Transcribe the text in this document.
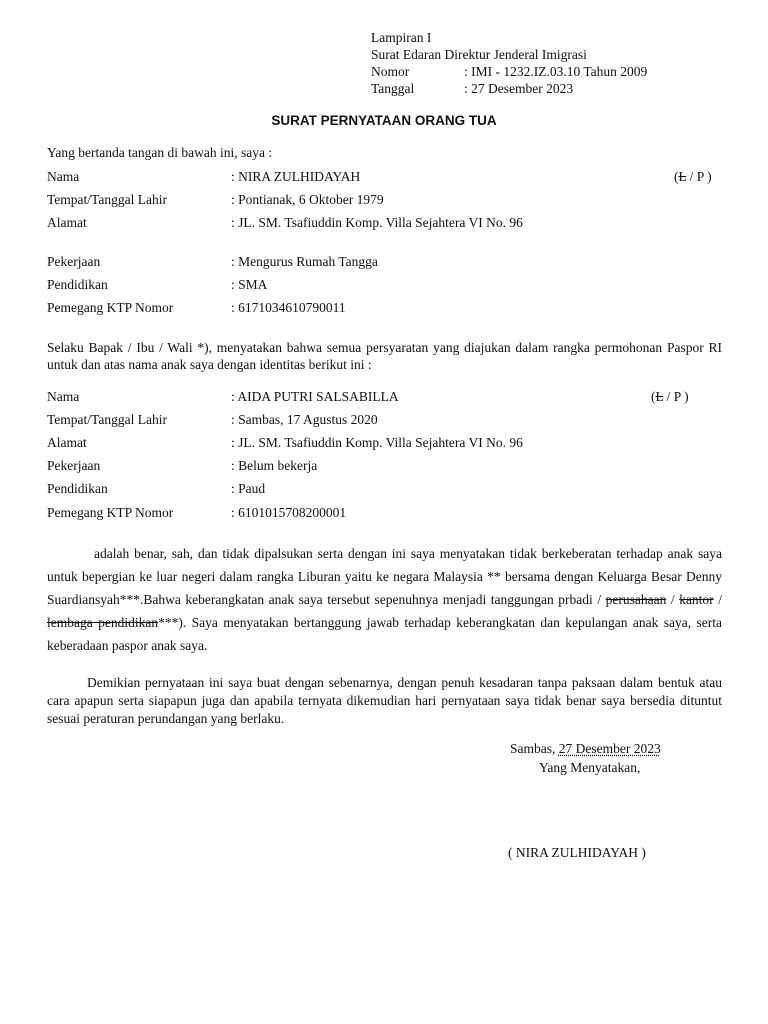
Lampiran I
Surat Edaran Direktur Jenderal Imigrasi
Nomor	: IMI - 1232.IZ.03.10 Tahun 2009
Tanggal	: 27 Desember 2023
SURAT PERNYATAAN ORANG TUA
Yang bertanda tangan di bawah ini, saya :
Nama	: NIRA ZULHIDAYAH	(L / P )
Tempat/Tanggal Lahir	: Pontianak, 6 Oktober 1979
Alamat	: JL. SM. Tsafiuddin Komp. Villa Sejahtera VI No. 96
Pekerjaan	: Mengurus Rumah Tangga
Pendidikan	: SMA
Pemegang KTP Nomor	: 6171034610790011
Selaku Bapak / Ibu / Wali *), menyatakan bahwa semua persyaratan yang diajukan dalam rangka permohonan Paspor RI untuk dan atas nama anak saya dengan identitas berikut ini :
Nama	: AIDA PUTRI SALSABILLA	(L / P )
Tempat/Tanggal Lahir	: Sambas, 17 Agustus 2020
Alamat	: JL. SM. Tsafiuddin Komp. Villa Sejahtera VI No. 96
Pekerjaan	: Belum bekerja
Pendidikan	: Paud
Pemegang KTP Nomor	: 6101015708200001
adalah benar, sah, dan tidak dipalsukan serta dengan ini saya menyatakan tidak berkeberatan terhadap anak saya untuk bepergian ke luar negeri dalam rangka Liburan yaitu ke negara Malaysia ** bersama dengan Keluarga Besar Denny Suardiansyah***.Bahwa keberangkatan anak saya tersebut sepenuhnya menjadi tanggungan prbadi / perusahaan / kantor / lembaga pendidikan***). Saya menyatakan bertanggung jawab terhadap keberangkatan dan kepulangan anak saya, serta keberadaan paspor anak saya.
Demikian pernyataan ini saya buat dengan sebenarnya, dengan penuh kesadaran tanpa paksaan dalam bentuk atau cara apapun serta siapapun juga dan apabila ternyata dikemudian hari pernyataan saya tidak benar saya bersedia dituntut sesuai peraturan perundangan yang berlaku.
Sambas, 27 Desember 2023
Yang Menyatakan,
( NIRA ZULHIDAYAH )
